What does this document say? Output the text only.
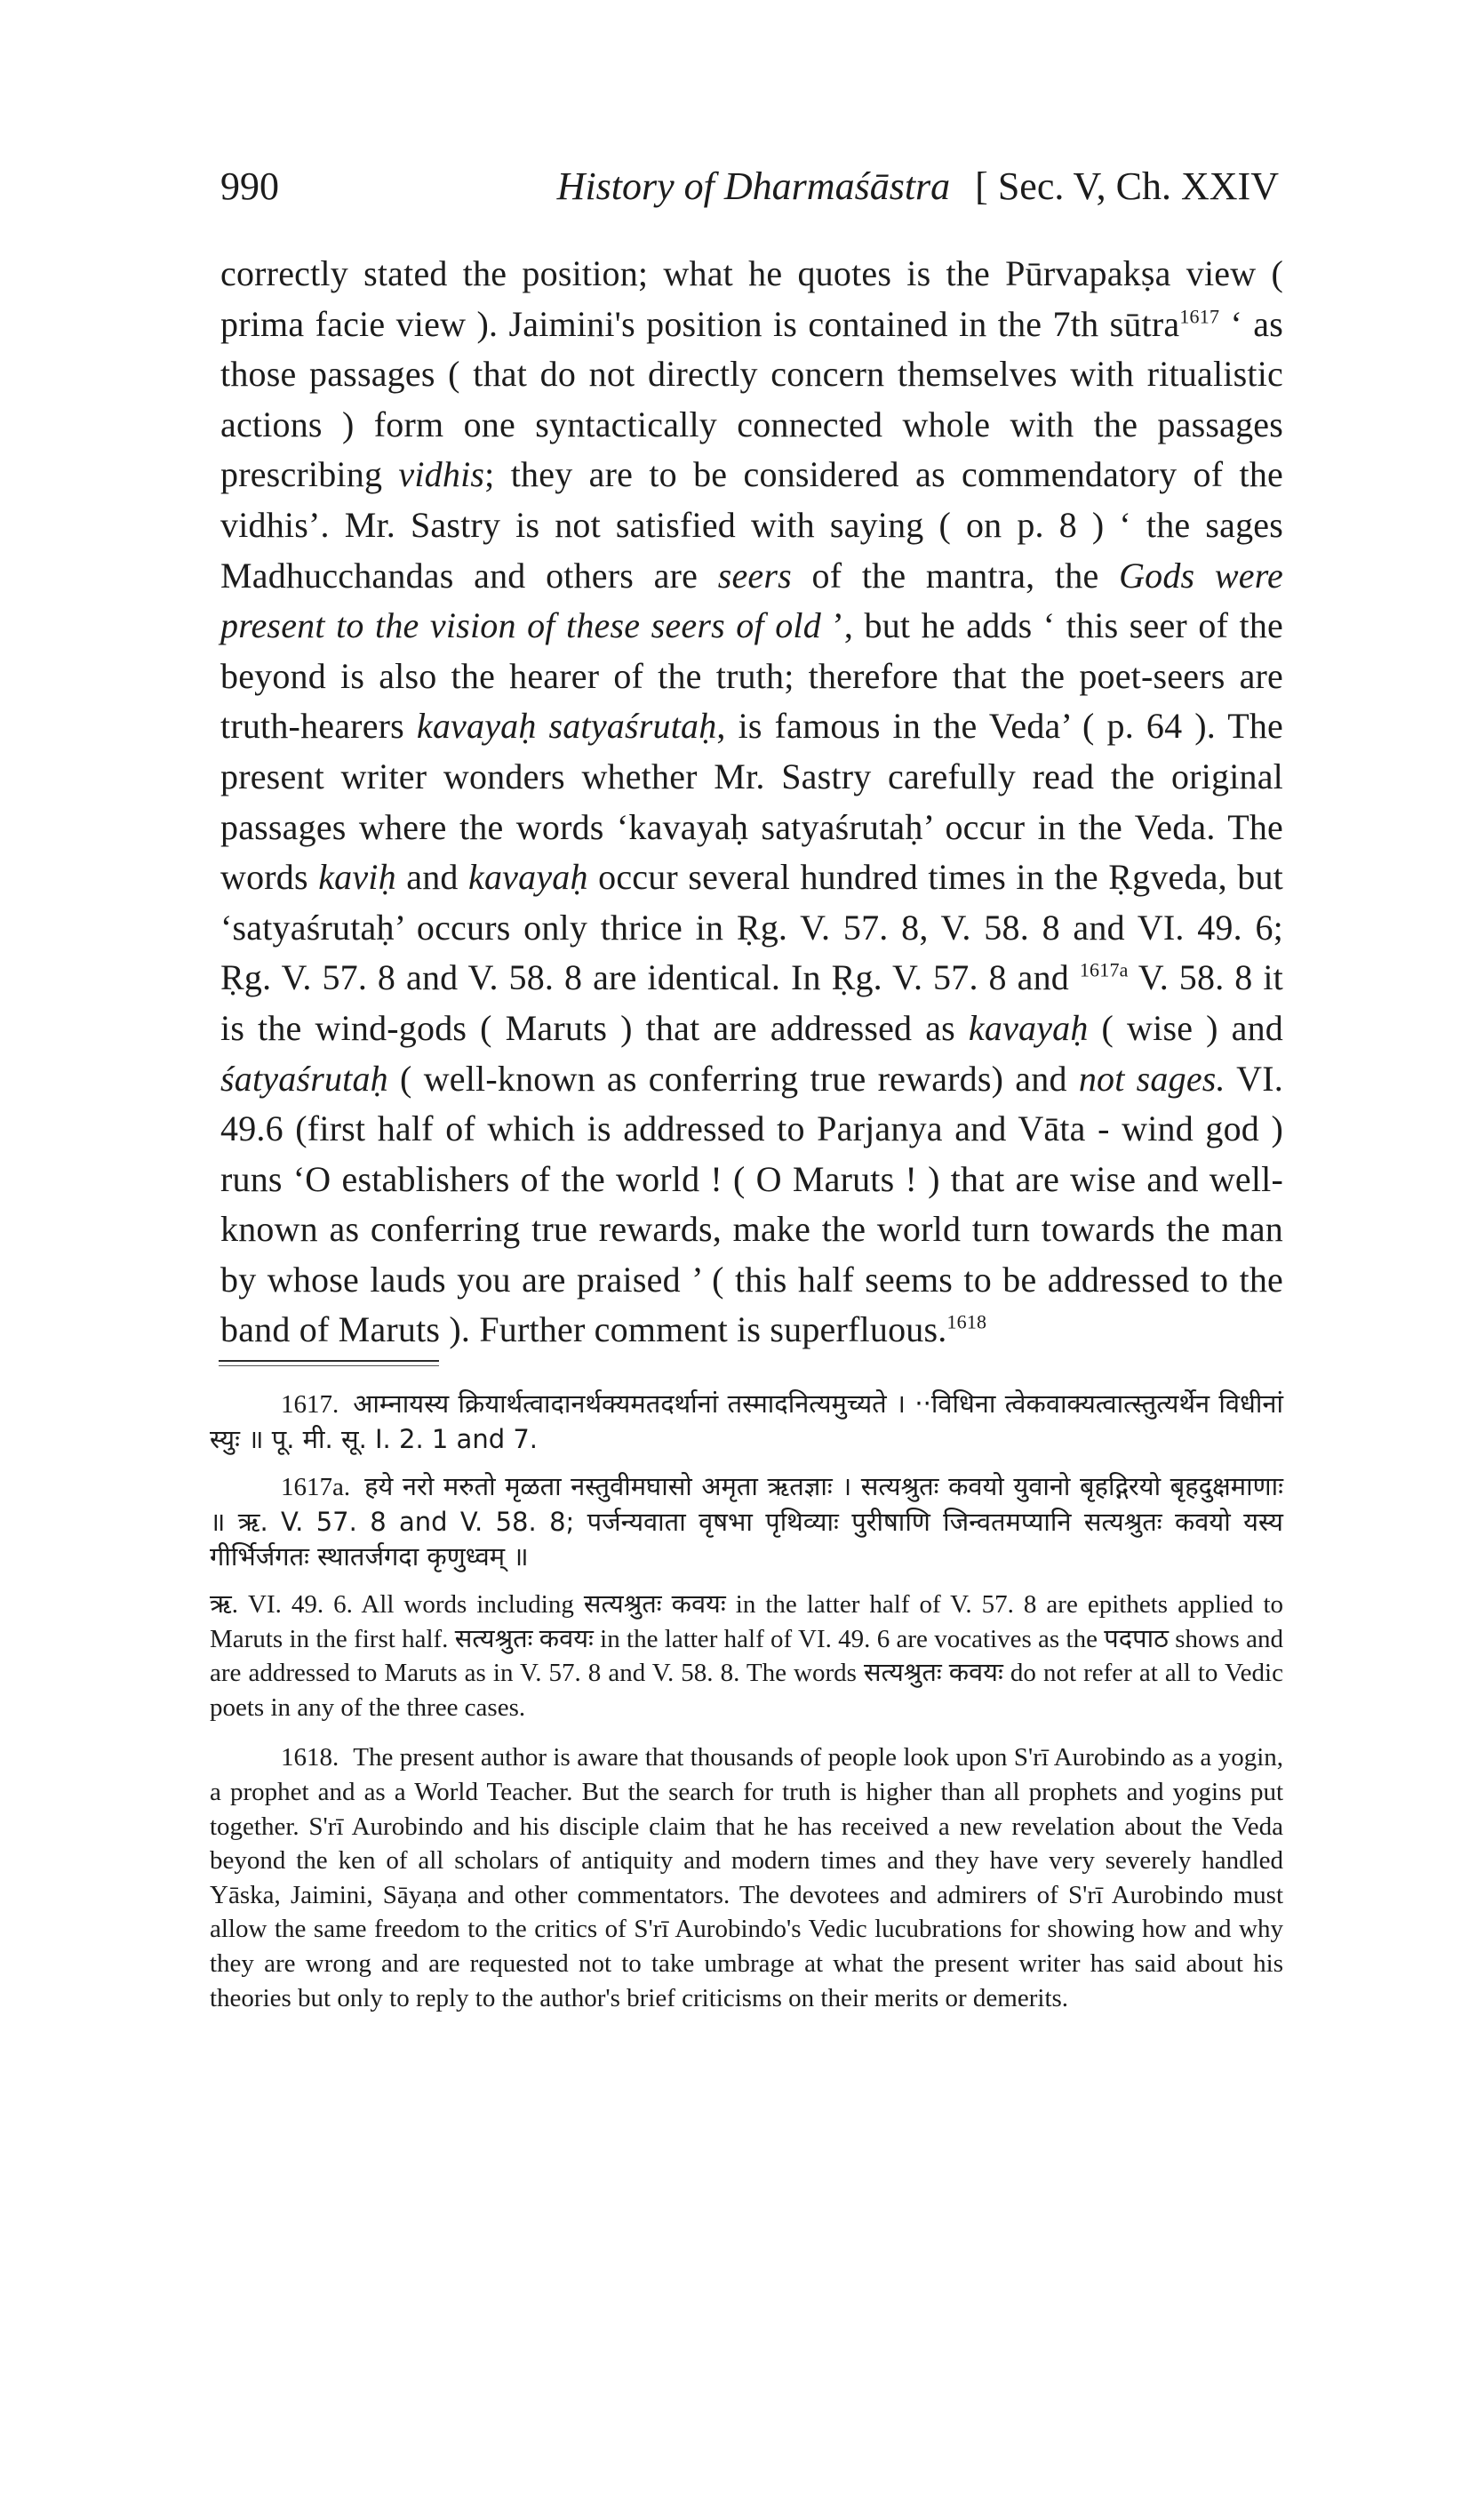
990	History of Dharmaśāstra [ Sec. V, Ch. XXIV

correctly stated the position; what he quotes is the Pūrvapakṣa view ( prima facie view ). Jaimini's position is contained in the 7th sūtra$^{1617}$ ‘ as those passages ( that do not directly concern themselves with ritualistic actions ) form one syntactically connected whole with the passages prescribing vidhis; they are to be considered as commendatory of the vidhis’. Mr. Sastry is not satisfied with saying ( on p. 8 ) ‘ the sages Madhucchandas and others are seers of the mantra, the Gods were present to the vision of these seers of old ’, but he adds ‘ this seer of the beyond is also the hearer of the truth; therefore that the poet-seers are truth-hearers kavayaḥ satyaśrutaḥ, is famous in the Veda’ ( p. 64 ). The present writer wonders whether Mr. Sastry carefully read the original passages where the words ‘kavayaḥ satyaśrutaḥ’ occur in the Veda. The words kaviḥ and kavayaḥ occur several hundred times in the Ṛgveda, but ‘satyaśrutaḥ’ occurs only thrice in Ṛg. V. 57. 8, V. 58. 8 and VI. 49. 6; Ṛg. V. 57. 8 and V. 58. 8 are identical. In Ṛg. V. 57. 8 and $^{1617a}$ V. 58. 8 it is the wind-gods ( Maruts ) that are addressed as kavayaḥ ( wise ) and śatyaśrutaḥ ( well-known as conferring true rewards) and not sages. VI. 49.6 (first half of which is addressed to Parjanya and Vāta - wind god ) runs ‘O establishers of the world ! ( O Maruts ! ) that are wise and well-known as conferring true rewards, make the world turn towards the man by whose lauds you are praised ’ ( this half seems to be addressed to the band of Maruts ). Further comment is superfluous.$^{1618}$

1617. आम्नायस्य क्रियार्थत्वादानर्थक्यमतदर्थानां तस्मादनित्यमुच्यते । ··विधिना त्वेकवाक्यत्वात्स्तुत्यर्थेन विधीनां स्युः ॥ पू. मी. सू. I. 2. 1 and 7.

1617a. हये नरो मरुतो मृळता नस्तुवीमघासो अमृता ऋतज्ञाः । सत्यश्रुतः कवयो युवानो बृहद्गिरयो बृहदुक्षमाणाः ॥ ऋ. V. 57. 8 and V. 58. 8; पर्जन्यवाता वृषभा पृथिव्याः पुरीषाणि जिन्वतमप्यानि सत्यश्रुतः कवयो यस्य गीर्भिर्जगतः स्थातर्जगदा कृणुध्वम् ॥

ऋ. VI. 49. 6. All words including सत्यश्रुतः कवयः in the latter half of V. 57. 8 are epithets applied to Maruts in the first half. सत्यश्रुतः कवयः in the latter half of VI. 49. 6 are vocatives as the पदपाठ shows and are addressed to Maruts as in V. 57. 8 and V. 58. 8. The words सत्यश्रुतः कवयः do not refer at all to Vedic poets in any of the three cases.

1618. The present author is aware that thousands of people look upon S'rī Aurobindo as a yogin, a prophet and as a World Teacher. But the search for truth is higher than all prophets and yogins put together. S'rī Aurobindo and his disciple claim that he has received a new revelation about the Veda beyond the ken of all scholars of antiquity and modern times and they have very severely handled Yāska, Jaimini, Sāyaṇa and other commentators. The devotees and admirers of S'rī Aurobindo must allow the same freedom to the critics of S'rī Aurobindo's Vedic lucubrations for showing how and why they are wrong and are requested not to take umbrage at what the present writer has said about his theories but only to reply to the author's brief criticisms on their merits or demerits.
